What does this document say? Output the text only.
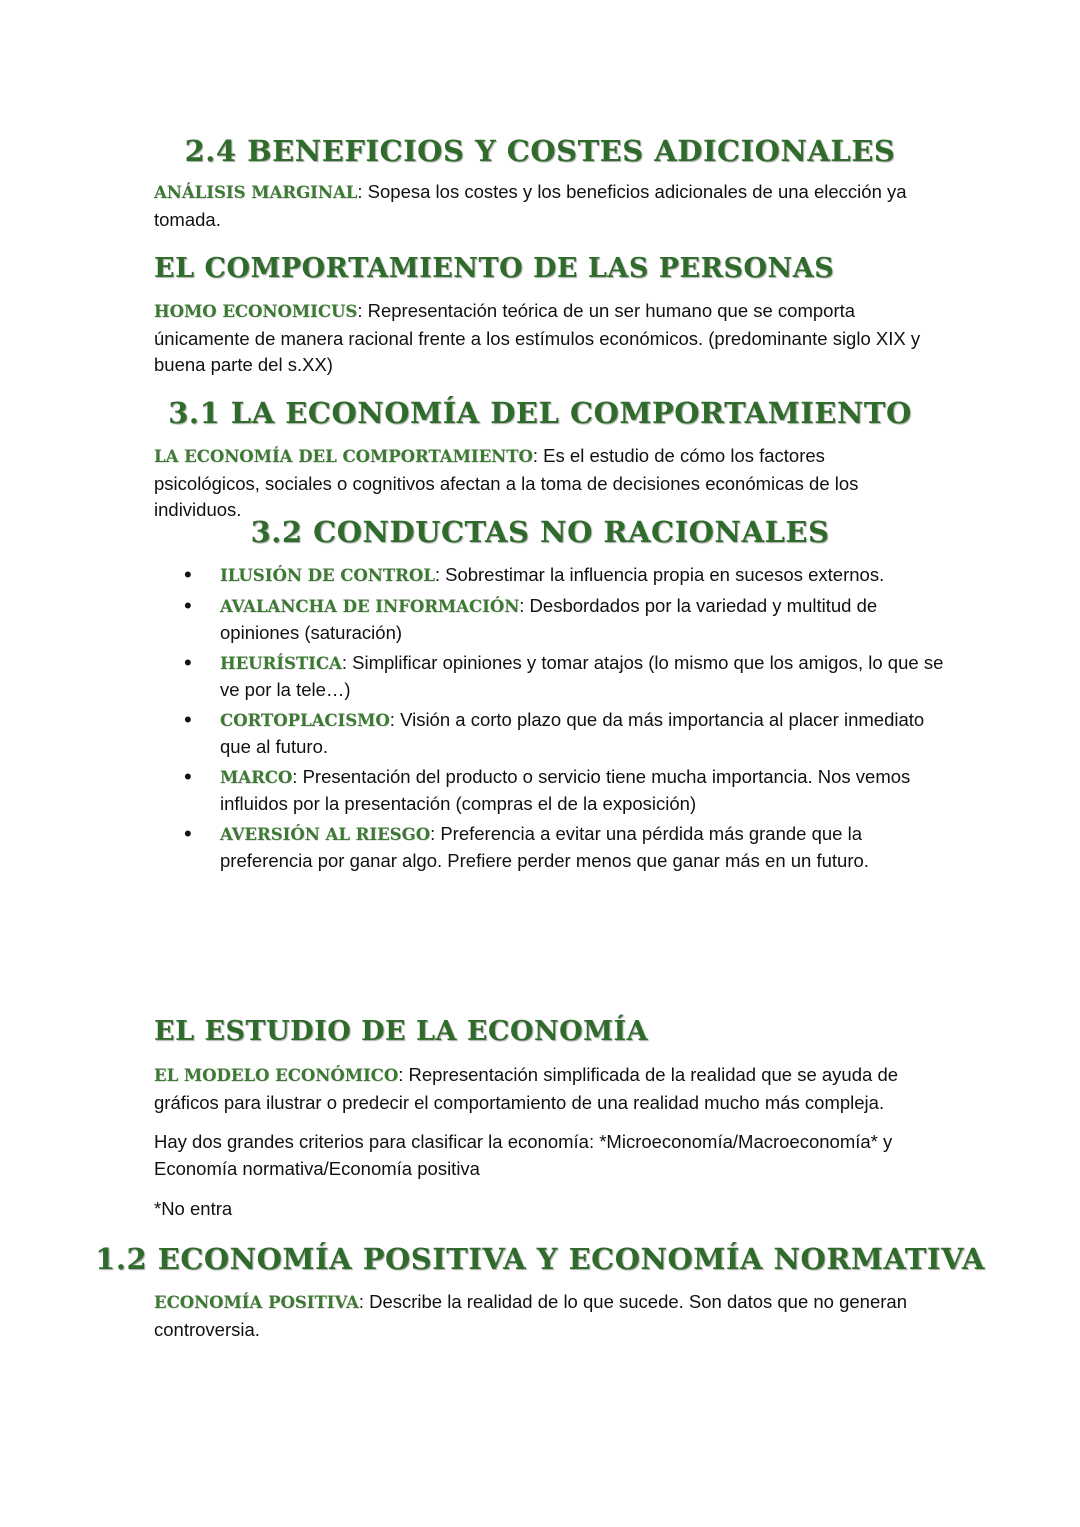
2.4 BENEFICIOS Y COSTES ADICIONALES

ANÁLISIS MARGINAL: Sopesa los costes y los beneficios adicionales de una elección ya tomada.

EL COMPORTAMIENTO DE LAS PERSONAS

HOMO ECONOMICUS: Representación teórica de un ser humano que se comporta únicamente de manera racional frente a los estímulos económicos. (predominante siglo XIX y buena parte del s.XX)

3.1 LA ECONOMÍA DEL COMPORTAMIENTO

LA ECONOMÍA DEL COMPORTAMIENTO: Es el estudio de cómo los factores psicológicos, sociales o cognitivos afectan a la toma de decisiones económicas de los individuos.

3.2 CONDUCTAS NO RACIONALES
• ILUSIÓN DE CONTROL: Sobrestimar la influencia propia en sucesos externos.
• AVALANCHA DE INFORMACIÓN: Desbordados por la variedad y multitud de opiniones (saturación)
• HEURÍSTICA: Simplificar opiniones y tomar atajos (lo mismo que los amigos, lo que se ve por la tele…)
• CORTOPLACISMO: Visión a corto plazo que da más importancia al placer inmediato que al futuro.
• MARCO: Presentación del producto o servicio tiene mucha importancia. Nos vemos influidos por la presentación (compras el de la exposición)
• AVERSIÓN AL RIESGO: Preferencia a evitar una pérdida más grande que la preferencia por ganar algo. Prefiere perder menos que ganar más en un futuro.
EL ESTUDIO DE LA ECONOMÍA

EL MODELO ECONÓMICO: Representación simplificada de la realidad que se ayuda de gráficos para ilustrar o predecir el comportamiento de una realidad mucho más compleja.

Hay dos grandes criterios para clasificar la economía: *Microeconomía/Macroeconomía* y Economía normativa/Economía positiva

*No entra

1.2 ECONOMÍA POSITIVA Y ECONOMÍA NORMATIVA

ECONOMÍA POSITIVA: Describe la realidad de lo que sucede. Son datos que no generan controversia.
